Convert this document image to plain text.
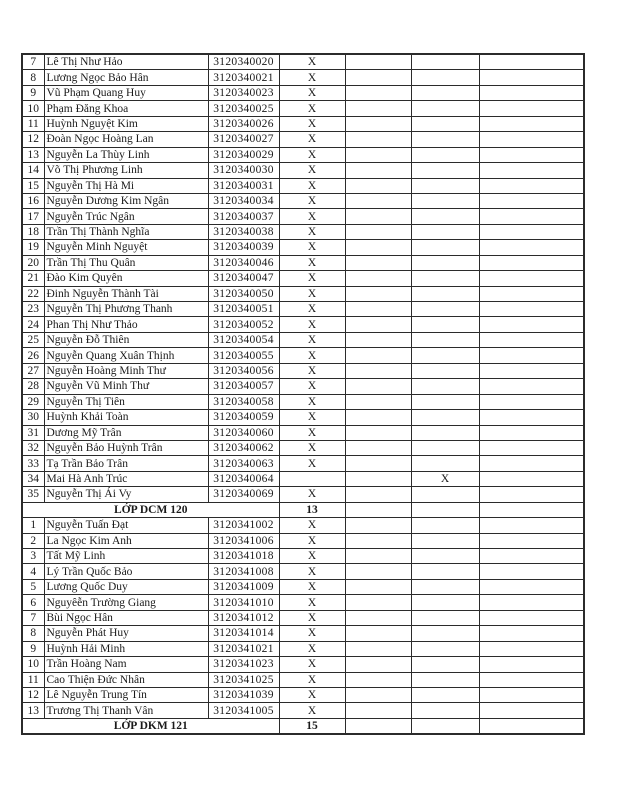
7	Lê Thị Như Hảo	3120340020	X			
8	Lương Ngọc Bảo Hân	3120340021	X			
9	Vũ Phạm Quang Huy	3120340023	X			
10	Phạm Đăng Khoa	3120340025	X			
11	Huỳnh Nguyệt Kim	3120340026	X			
12	Đoàn Ngọc Hoàng Lan	3120340027	X			
13	Nguyễn La Thùy Linh	3120340029	X			
14	Võ Thị Phương Linh	3120340030	X			
15	Nguyễn Thị Hà Mi	3120340031	X			
16	Nguyễn Dương Kim Ngân	3120340034	X			
17	Nguyễn Trúc Ngân	3120340037	X			
18	Trần Thị Thành Nghĩa	3120340038	X			
19	Nguyễn Minh Nguyệt	3120340039	X			
20	Trần Thị Thu Quân	3120340046	X			
21	Đào Kim Quyên	3120340047	X			
22	Đinh Nguyễn Thành Tài	3120340050	X			
23	Nguyễn Thị Phương Thanh	3120340051	X			
24	Phan Thị Như Thảo	3120340052	X			
25	Nguyễn Đỗ Thiên	3120340054	X			
26	Nguyễn Quang Xuân Thịnh	3120340055	X			
27	Nguyễn Hoàng Minh Thư	3120340056	X			
28	Nguyễn Vũ Minh Thư	3120340057	X			
29	Nguyễn Thị Tiên	3120340058	X			
30	Huỳnh Khải Toàn	3120340059	X			
31	Dương Mỹ Trân	3120340060	X			
32	Nguyễn Bảo Huỳnh Trân	3120340062	X			
33	Tạ Trần Bảo Trân	3120340063	X			
34	Mai Hà Anh Trúc	3120340064			X	
35	Nguyễn Thị Ái Vy	3120340069	X			
LỚP DCM 120			13			
1	Nguyễn Tuấn Đạt	3120341002	X			
2	La Ngọc Kim Anh	3120341006	X			
3	Tất Mỹ Linh	3120341018	X			
4	Lý Trần Quốc Bảo	3120341008	X			
5	Lương Quốc Duy	3120341009	X			
6	Nguyêễn Trường Giang	3120341010	X			
7	Bùi Ngọc Hân	3120341012	X			
8	Nguyễn Phát Huy	3120341014	X			
9	Huỳnh Hải Minh	3120341021	X			
10	Trần Hoàng Nam	3120341023	X			
11	Cao Thiện Đức Nhân	3120341025	X			
12	Lê Nguyễn Trung Tín	3120341039	X			
13	Trương Thị Thanh Vân	3120341005	X			
LỚP DKM 121			15			
